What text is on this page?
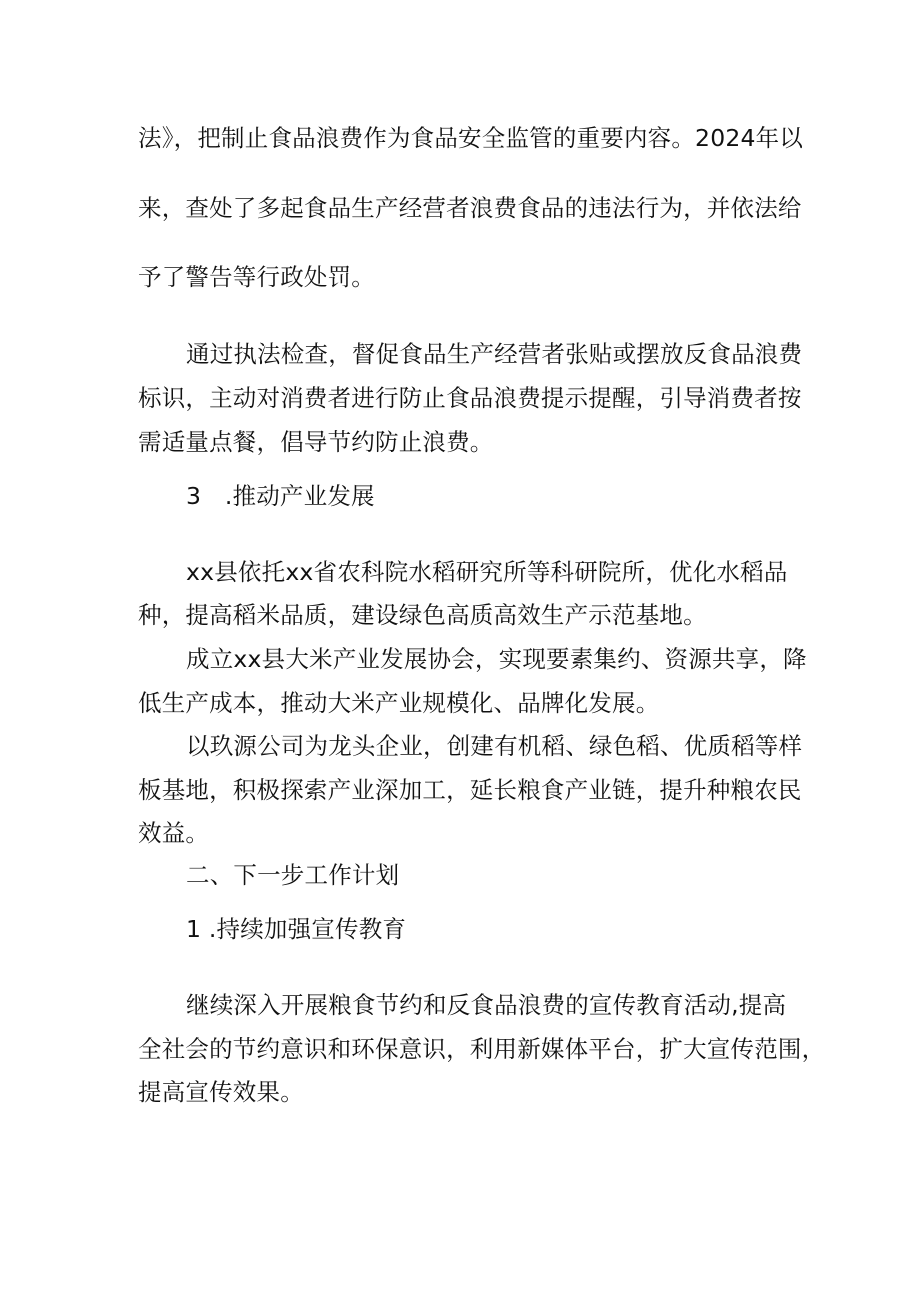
法》，把制止食品浪费作为食品安全监管的重要内容。2024年以
来，查处了多起食品生产经营者浪费食品的违法行为，并依法给
予了警告等行政处罚。
通过执法检查，督促食品生产经营者张贴或摆放反食品浪费
标识，主动对消费者进行防止食品浪费提示提醒，引导消费者按
需适量点餐，倡导节约防止浪费。
3　.推动产业发展
xx县依托xx省农科院水稻研究所等科研院所，优化水稻品
种，提高稻米品质，建设绿色高质高效生产示范基地。
成立xx县大米产业发展协会，实现要素集约、资源共享，降
低生产成本，推动大米产业规模化、品牌化发展。
以玖源公司为龙头企业，创建有机稻、绿色稻、优质稻等样
板基地，积极探索产业深加工，延长粮食产业链，提升种粮农民
效益。
二、下一步工作计划
1 .持续加强宣传教育
继续深入开展粮食节约和反食品浪费的宣传教育活动,提高
全社会的节约意识和环保意识，利用新媒体平台，扩大宣传范围，
提高宣传效果。
